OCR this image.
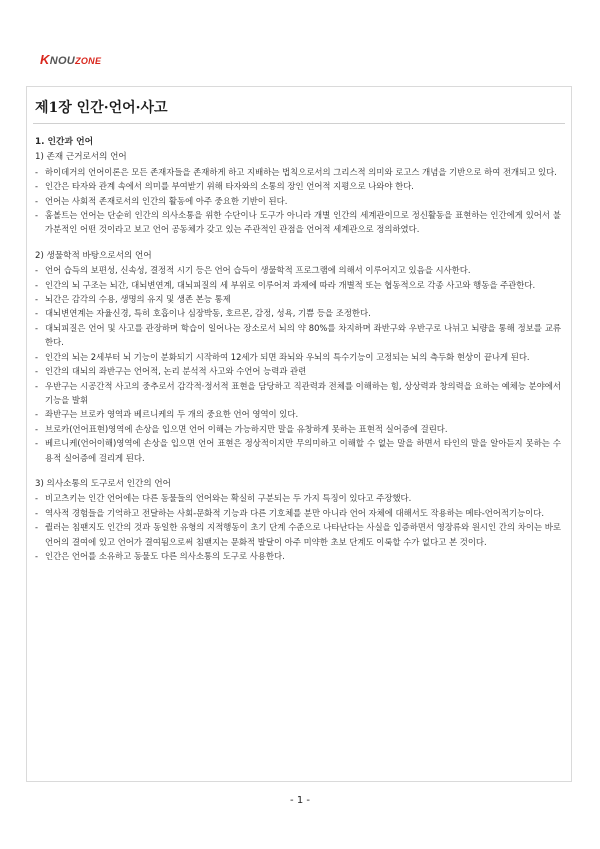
KNOUZONE
제1장 인간·언어·사고
1. 인간과 언어
1) 존재 근거로서의 언어
- 하이데거의 언어이론은 모든 존재자들을 존재하게 하고 지배하는 법칙으로서의 그리스적 의미와 로고스 개념을 기반으로 하여 전개되고 있다.
- 인간은 타자와 관계 속에서 의미를 부여받기 위해 타자와의 소통의 장인 언어적 지평으로 나와야 한다.
- 언어는 사회적 존재로서의 인간의 활동에 아주 중요한 기반이 된다.
- 훔볼트는 언어는 단순히 인간의 의사소통을 위한 수단이나 도구가 아니라 개별 인간의 세계관이므로 정신활동을 표현하는 인간에게 있어서 불가분적인 어떤 것이라고 보고 언어 공동체가 갖고 있는 주관적인 관점을 언어적 세계관으로 정의하였다.
2) 생물학적 바탕으로서의 언어
- 언어 습득의 보편성, 신속성, 결정적 시기 등은 언어 습득이 생물학적 프로그램에 의해서 이루어지고 있음을 시사한다.
- 인간의 뇌 구조는 뇌간, 대뇌변연계, 대뇌피질의 세 부위로 이루어져 과제에 따라 개별적 또는 협동적으로 각종 사고와 행동을 주관한다.
- 뇌간은 감각의 수용, 생명의 유지 및 생존 본능 통제
- 대뇌변연계는 자율신경, 특히 호흡이나 심장박동, 호르몬, 감정, 성욕, 기쁨 등을 조정한다.
- 대뇌피질은 언어 및 사고를 관장하며 학습이 일어나는 장소로서 뇌의 약 80%를 차지하며 좌반구와 우반구로 나뉘고 뇌량을 통해 정보를 교류한다.
- 인간의 뇌는 2세부터 뇌 기능이 분화되기 시작하여 12세가 되면 좌뇌와 우뇌의 특수기능이 고정되는 뇌의 측두화 현상이 끝나게 된다.
- 인간의 대뇌의 좌반구는 언어적, 논리 분석적 사고와 수언어 능력과 관련
- 우반구는 시공간적 사고의 중추로서 감각적·정서적 표현을 담당하고 직관력과 전체를 이해하는 힘, 상상력과 창의력을 요하는 예체능 분야에서 기능을 발휘
- 좌반구는 브로카 영역과 베르니케의 두 개의 중요한 언어 영역이 있다.
- 브로카(언어표현)영역에 손상을 입으면 언어 이해는 가능하지만 말을 유창하게 못하는 표현적 실어증에 걸린다.
- 베르니케(언어이해)영역에 손상을 입으면 언어 표현은 정상적이지만 무의미하고 이해할 수 없는 말을 하면서 타인의 말을 알아듣지 못하는 수용적 실어증에 걸리게 된다.
3) 의사소통의 도구로서 인간의 언어
- 비고츠키는 인간 언어에는 다른 동물들의 언어와는 확실히 구분되는 두 가지 특징이 있다고 주장했다.
- 역사적 경험들을 기억하고 전달하는 사회-문화적 기능과 다른 기호체를 분만 아니라 언어 자체에 대해서도 작용하는 메타-언어적기능이다.
- 퀄러는 침팬지도 인간의 것과 동일한 유형의 지적행동이 초기 단계 수준으로 나타난다는 사실을 입증하면서 영장류와 원시인 간의 차이는 바로 언어의 결여에 있고 언어가 결여됨으로써 침팬지는 문화적 발달이 아주 미약한 초보 단계도 이룩할 수가 없다고 본 것이다.
- 인간은 언어를 소유하고 동물도 다른 의사소통의 도구로 사용한다.
- 1 -
